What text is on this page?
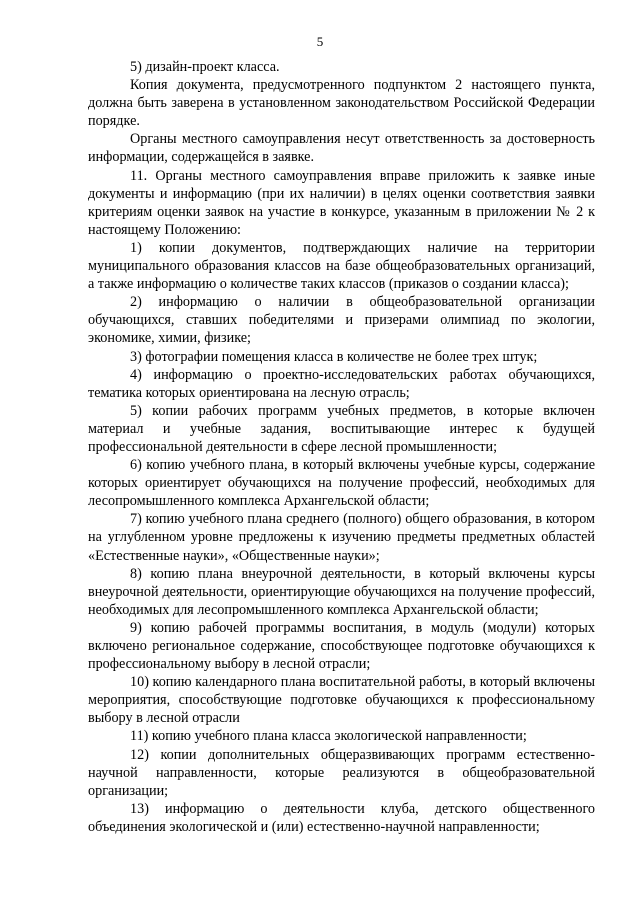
5

5) дизайн-проект класса.

Копия документа, предусмотренного подпунктом 2 настоящего пункта, должна быть заверена в установленном законодательством Российской Федерации порядке.

Органы местного самоуправления несут ответственность за достоверность информации, содержащейся в заявке.

11. Органы местного самоуправления вправе приложить к заявке иные документы и информацию (при их наличии) в целях оценки соответствия заявки критериям оценки заявок на участие в конкурсе, указанным в приложении № 2 к настоящему Положению:

1) копии документов, подтверждающих наличие на территории муниципального образования классов на базе общеобразовательных организаций, а также информацию о количестве таких классов (приказов о создании класса);

2) информацию о наличии в общеобразовательной организации обучающихся, ставших победителями и призерами олимпиад по экологии, экономике, химии, физике;

3) фотографии помещения класса в количестве не более трех штук;

4) информацию о проектно-исследовательских работах обучающихся, тематика которых ориентирована на лесную отрасль;

5) копии рабочих программ учебных предметов, в которые включен материал и учебные задания, воспитывающие интерес к будущей профессиональной деятельности в сфере лесной промышленности;

6) копию учебного плана, в который включены учебные курсы, содержание которых ориентирует обучающихся на получение профессий, необходимых для лесопромышленного комплекса Архангельской области;

7) копию учебного плана среднего (полного) общего образования, в котором на углубленном уровне предложены к изучению предметы предметных областей «Естественные науки», «Общественные науки»;

8) копию плана внеурочной деятельности, в который включены курсы внеурочной деятельности, ориентирующие обучающихся на получение профессий, необходимых для лесопромышленного комплекса Архангельской области;

9) копию рабочей программы воспитания, в модуль (модули) которых включено региональное содержание, способствующее подготовке обучающихся к профессиональному выбору в лесной отрасли;

10) копию календарного плана воспитательной работы, в который включены мероприятия, способствующие подготовке обучающихся к профессиональному выбору в лесной отрасли

11) копию учебного плана класса экологической направленности;

12) копии дополнительных общеразвивающих программ естественно-научной направленности, которые реализуются в общеобразовательной организации;

13) информацию о деятельности клуба, детского общественного объединения экологической и (или) естественно-научной направленности;
